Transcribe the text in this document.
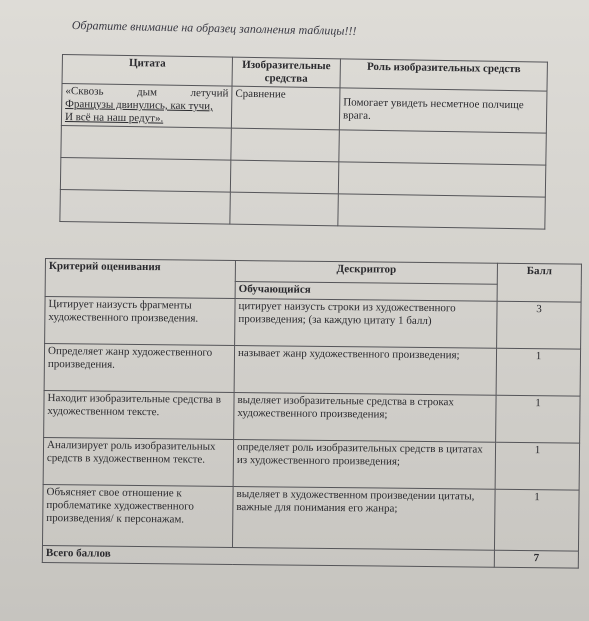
Обратите внимание на образец заполнения таблицы!!!
Цитата	Изобразительные средства	Роль изобразительных средств

«Сквозь дым летучий
Французы двинулись, как тучи,
И всё на наш редут».	Сравнение	Помогает увидеть несметное полчище врага.

Критерий оценивания	Дескриптор	Балл
	Обучающийся	
Цитирует наизусть фрагменты художественного произведения.	цитирует наизусть строки из художественного произведения; (за каждую цитату 1 балл)	3
Определяет жанр художественного произведения.	называет жанр художественного произведения;	1
Находит изобразительные средства в художественном тексте.	выделяет изобразительные средства в строках художественного произведения;	1
Анализирует роль изобразительных средств в художественном тексте.	определяет роль изобразительных средств в цитатах из художественного произведения;	1
Объясняет свое отношение к проблематике художественного произведения/ к персонажам.	выделяет в художественном произведении цитаты, важные для понимания его жанра;	1
Всего баллов		7
